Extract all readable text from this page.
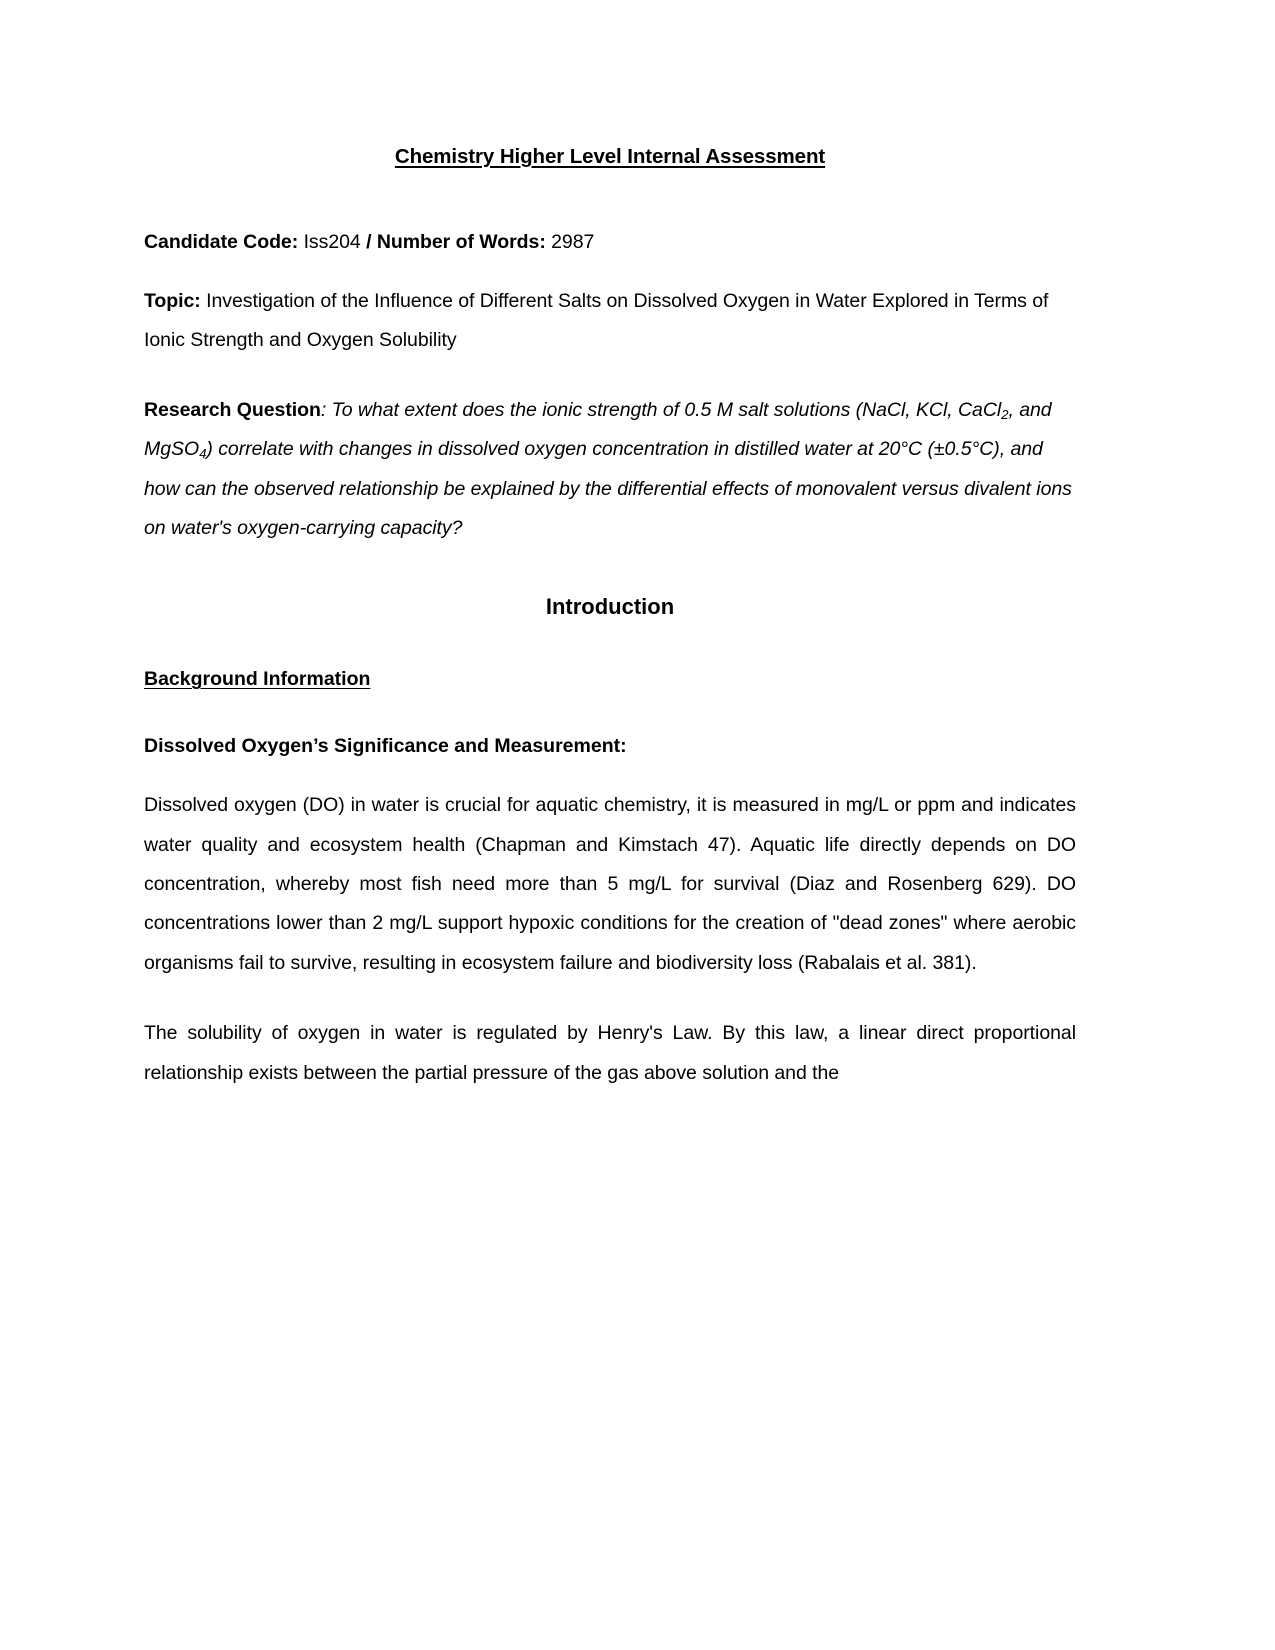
Chemistry Higher Level Internal Assessment

Candidate Code: Iss204 / Number of Words: 2987

Topic: Investigation of the Influence of Different Salts on Dissolved Oxygen in Water Explored in Terms of Ionic Strength and Oxygen Solubility

Research Question: To what extent does the ionic strength of 0.5 M salt solutions (NaCl, KCl, CaCl$_2$, and MgSO$_4$) correlate with changes in dissolved oxygen concentration in distilled water at 20°C (±0.5°C), and how can the observed relationship be explained by the differential effects of monovalent versus divalent ions on water's oxygen-carrying capacity?

Introduction
Background Information
Dissolved Oxygen’s Significance and Measurement:

Dissolved oxygen (DO) in water is crucial for aquatic chemistry, it is measured in mg/L or ppm and indicates water quality and ecosystem health (Chapman and Kimstach 47). Aquatic life directly depends on DO concentration, whereby most fish need more than 5 mg/L for survival (Diaz and Rosenberg 629). DO concentrations lower than 2 mg/L support hypoxic conditions for the creation of "dead zones" where aerobic organisms fail to survive, resulting in ecosystem failure and biodiversity loss (Rabalais et al. 381).

The solubility of oxygen in water is regulated by Henry's Law. By this law, a linear direct proportional relationship exists between the partial pressure of the gas above solution and the
